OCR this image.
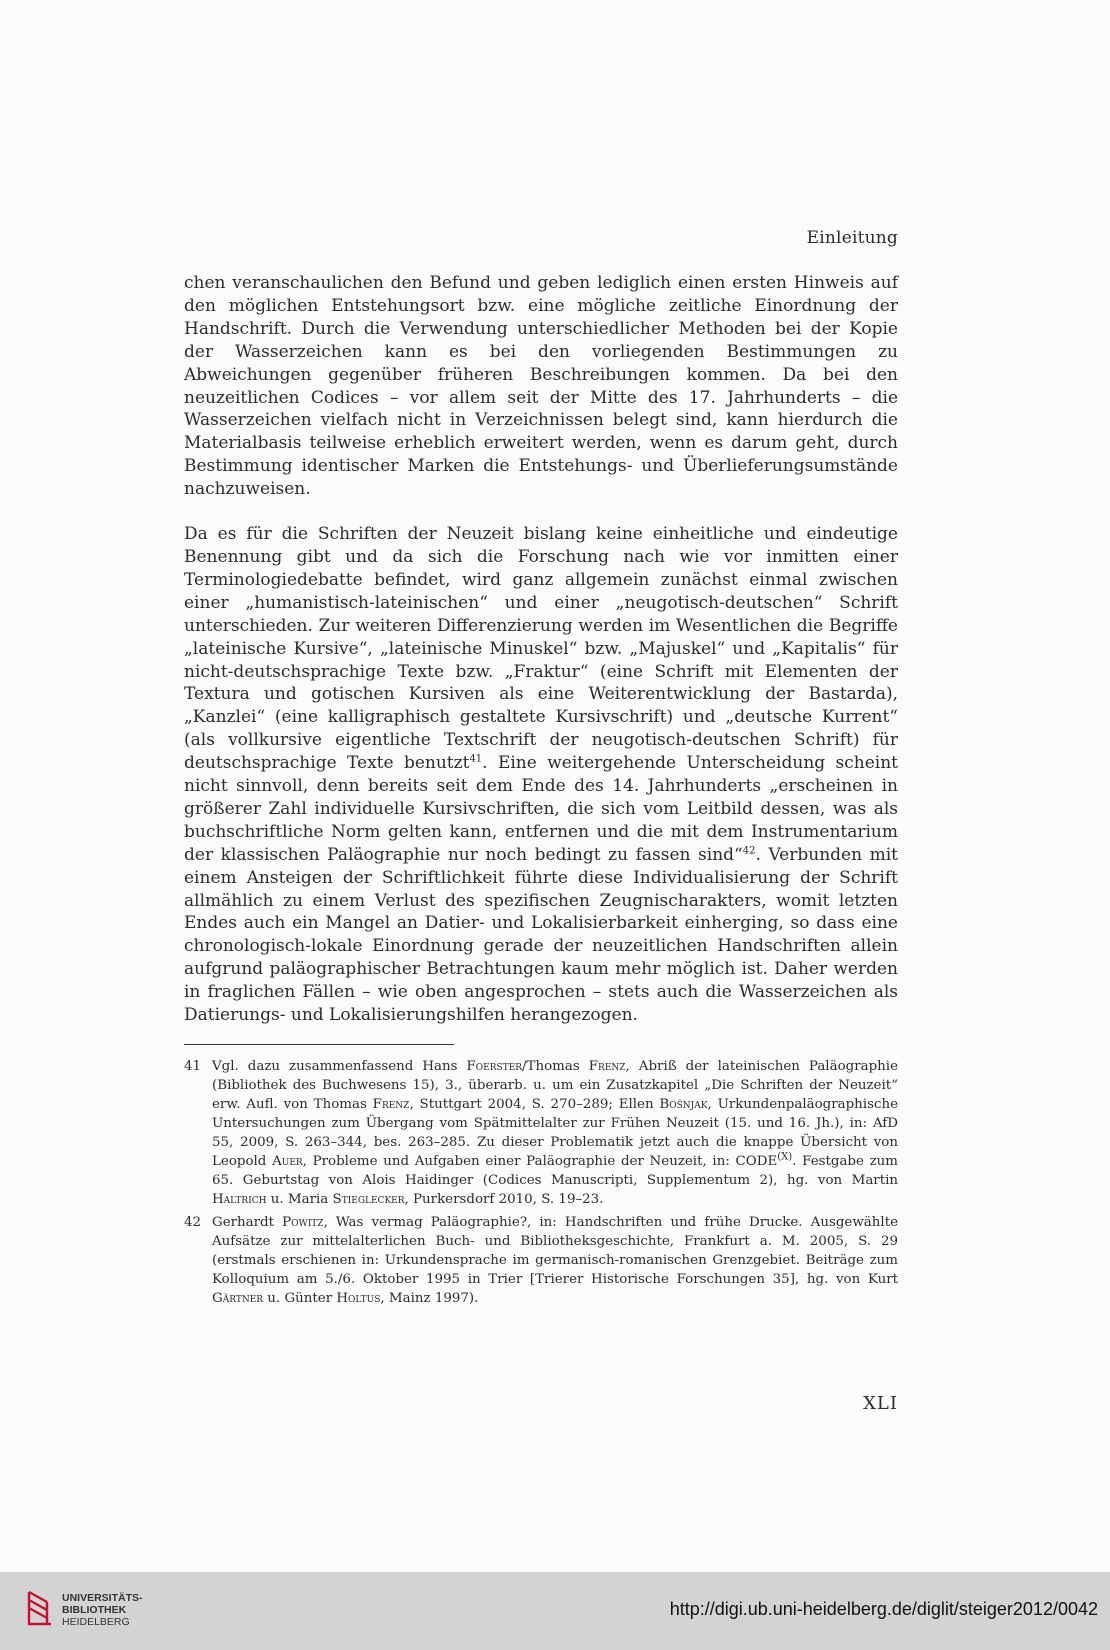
Einleitung

chen veranschaulichen den Befund und geben lediglich einen ersten Hinweis auf den möglichen Entstehungsort bzw. eine mögliche zeitliche Einordnung der Handschrift. Durch die Verwendung unterschiedlicher Methoden bei der Kopie der Wasserzeichen kann es bei den vorliegenden Bestimmungen zu Abweichungen gegenüber früheren Beschreibungen kommen. Da bei den neuzeitlichen Codices – vor allem seit der Mitte des 17. Jahrhunderts – die Wasserzeichen vielfach nicht in Verzeichnissen belegt sind, kann hierdurch die Materialbasis teilweise erheblich erweitert werden, wenn es darum geht, durch Bestimmung identischer Marken die Entstehungs- und Überlieferungsumstände nachzuweisen.

Da es für die Schriften der Neuzeit bislang keine einheitliche und eindeutige Benennung gibt und da sich die Forschung nach wie vor inmitten einer Terminologiedebatte befindet, wird ganz allgemein zunächst einmal zwischen einer „humanistisch-lateinischen“ und einer „neugotisch-deutschen“ Schrift unterschieden. Zur weiteren Differenzierung werden im Wesentlichen die Begriffe „lateinische Kursive“, „lateinische Minuskel“ bzw. „Majuskel“ und „Kapitalis“ für nicht-deutschsprachige Texte bzw. „Fraktur“ (eine Schrift mit Elementen der Textura und gotischen Kursiven als eine Weiterentwicklung der Bastarda), „Kanzlei“ (eine kalligraphisch gestaltete Kursivschrift) und „deutsche Kurrent“ (als vollkursive eigentliche Textschrift der neugotisch-deutschen Schrift) für deutschsprachige Texte benutzt$^{41}$. Eine weitergehende Unterscheidung scheint nicht sinnvoll, denn bereits seit dem Ende des 14. Jahrhunderts „erscheinen in größerer Zahl individuelle Kursivschriften, die sich vom Leitbild dessen, was als buchschriftliche Norm gelten kann, entfernen und die mit dem Instrumentarium der klassischen Paläographie nur noch bedingt zu fassen sind“$^{42}$. Verbunden mit einem Ansteigen der Schriftlichkeit führte diese Individualisierung der Schrift allmählich zu einem Verlust des spezifischen Zeugnischarakters, womit letzten Endes auch ein Mangel an Datier- und Lokalisierbarkeit einherging, so dass eine chronologisch-lokale Einordnung gerade der neuzeitlichen Handschriften allein aufgrund paläographischer Betrachtungen kaum mehr möglich ist. Daher werden in fraglichen Fällen – wie oben angesprochen – stets auch die Wasserzeichen als Datierungs- und Lokalisierungshilfen herangezogen.

41 Vgl. dazu zusammenfassend Hans Foerster/Thomas Frenz, Abriß der lateinischen Paläographie (Bibliothek des Buchwesens 15), 3., überarb. u. um ein Zusatzkapitel „Die Schriften der Neuzeit“ erw. Aufl. von Thomas Frenz, Stuttgart 2004, S. 270–289; Ellen Bošnjak, Urkundenpaläographische Untersuchungen zum Übergang vom Spätmittelalter zur Frühen Neuzeit (15. und 16. Jh.), in: AfD 55, 2009, S. 263–344, bes. 263–285. Zu dieser Problematik jetzt auch die knappe Übersicht von Leopold Auer, Probleme und Aufgaben einer Paläographie der Neuzeit, in: $CODE^{(X)}$. Festgabe zum 65. Geburtstag von Alois Haidinger (Codices Manuscripti, Supplementum 2), hg. von Martin Haltrich u. Maria Stieglecker, Purkersdorf 2010, S. 19–23.
42 Gerhardt Powitz, Was vermag Paläographie?, in: Handschriften und frühe Drucke. Ausgewählte Aufsätze zur mittelalterlichen Buch- und Bibliotheksgeschichte, Frankfurt a. M. 2005, S. 29 (erstmals erschienen in: Urkundensprache im germanisch-romanischen Grenzgebiet. Beiträge zum Kolloquium am 5./6. Oktober 1995 in Trier [Trierer Historische Forschungen 35], hg. von Kurt Gärtner u. Günter Holtus, Mainz 1997).
XLI
UNIVERSITÄTS-
BIBLIOTHEK
HEIDELBERG
http://digi.ub.uni-heidelberg.de/diglit/steiger2012/0042
